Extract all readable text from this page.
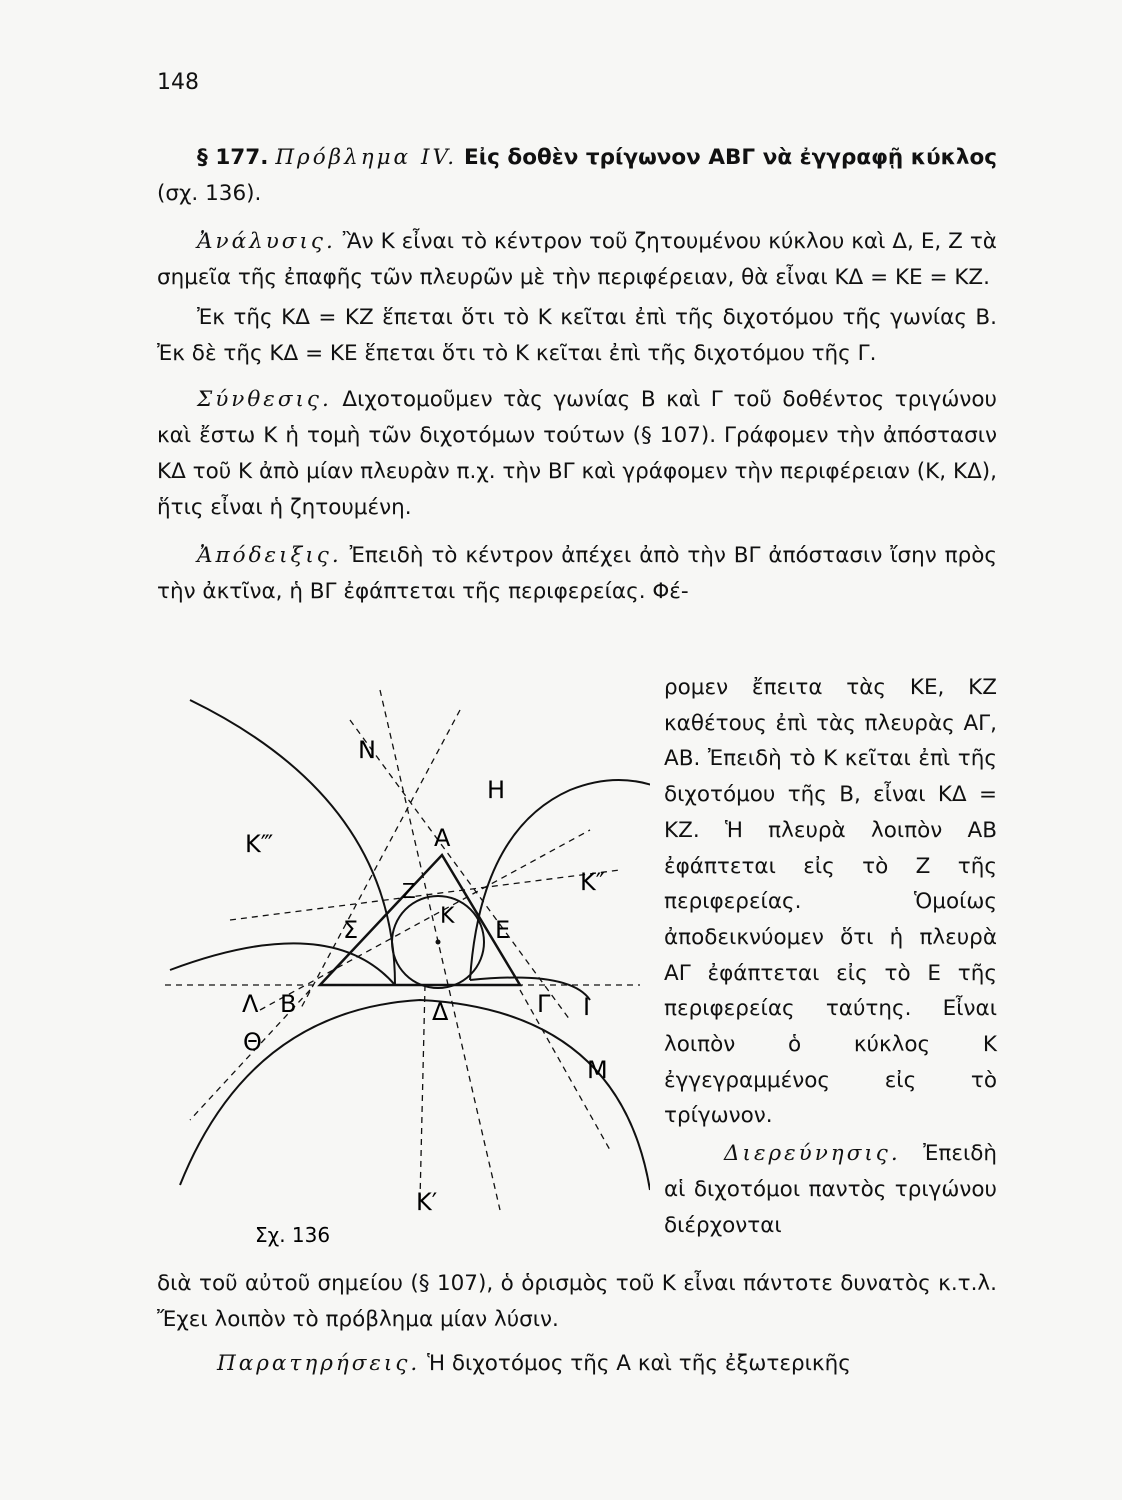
148

§ 177. Πρόβλημα IV. Εἰς δοθὲν τρίγωνον ΑΒΓ νὰ ἐγγραφῇ κύκλος (σχ. 136).

Ἀνάλυσις. Ἂν Κ εἶναι τὸ κέντρον τοῦ ζητουμένου κύκλου καὶ Δ, Ε, Ζ τὰ σημεῖα τῆς ἐπαφῆς τῶν πλευρῶν μὲ τὴν περιφέρειαν, θὰ εἶναι ΚΔ = ΚΕ = ΚΖ.

Ἐκ τῆς ΚΔ = ΚΖ ἕπεται ὅτι τὸ Κ κεῖται ἐπὶ τῆς διχοτόμου τῆς γωνίας Β. Ἐκ δὲ τῆς ΚΔ = ΚΕ ἕπεται ὅτι τὸ Κ κεῖται ἐπὶ τῆς διχοτόμου τῆς Γ.

Σύνθεσις. Διχοτομοῦμεν τὰς γωνίας Β καὶ Γ τοῦ δοθέντος τριγώνου καὶ ἔστω Κ ἡ τομὴ τῶν διχοτόμων τούτων (§ 107). Γράφομεν τὴν ἀπόστασιν ΚΔ τοῦ Κ ἀπὸ μίαν πλευρὰν π.χ. τὴν ΒΓ καὶ γράφομεν τὴν περιφέρειαν (Κ, ΚΔ), ἥτις εἶναι ἡ ζητουμένη.

Ἀπόδειξις. Ἐπειδὴ τὸ κέντρον ἀπέχει ἀπὸ τὴν ΒΓ ἀπόστασιν ἴσην πρὸς τὴν ἀκτῖνα, ἡ ΒΓ ἐφάπτεται τῆς περιφερείας. Φέ-

ρομεν ἔπειτα τὰς ΚΕ, ΚΖ καθέτους ἐπὶ τὰς πλευρὰς ΑΓ, ΑΒ. Ἐπειδὴ τὸ Κ κεῖται ἐπὶ τῆς διχοτόμου τῆς Β, εἶναι ΚΔ = ΚΖ. Ἡ πλευρὰ λοιπὸν ΑΒ ἐφάπτεται εἰς τὸ Ζ τῆς περιφερείας. Ὁμοίως ἀποδεικνύομεν ὅτι ἡ πλευρὰ ΑΓ ἐφάπτεται εἰς τὸ Ε τῆς περιφερείας ταύτης. Εἶναι λοιπὸν ὁ κύκλος Κ ἐγγεγραμμένος εἰς τὸ τρίγωνον.
Διερεύνησις. Ἐπειδὴ αἱ διχοτόμοι παντὸς τριγώνου διέρχονται
Ν
Η
Κ‴	Α
Κ″
Ζ
Κ
Σ	Ε
Λ Β	Δ	Γ Ι
Θ
Μ
Κ′
Σχ. 136
διὰ τοῦ αὐτοῦ σημείου (§ 107), ὁ ὁρισμὸς τοῦ Κ εἶναι πάντοτε δυνατὸς κ.τ.λ. Ἔχει λοιπὸν τὸ πρόβλημα μίαν λύσιν.
Παρατηρήσεις. Ἡ διχοτόμος τῆς Α καὶ τῆς ἐξωτερικῆς
